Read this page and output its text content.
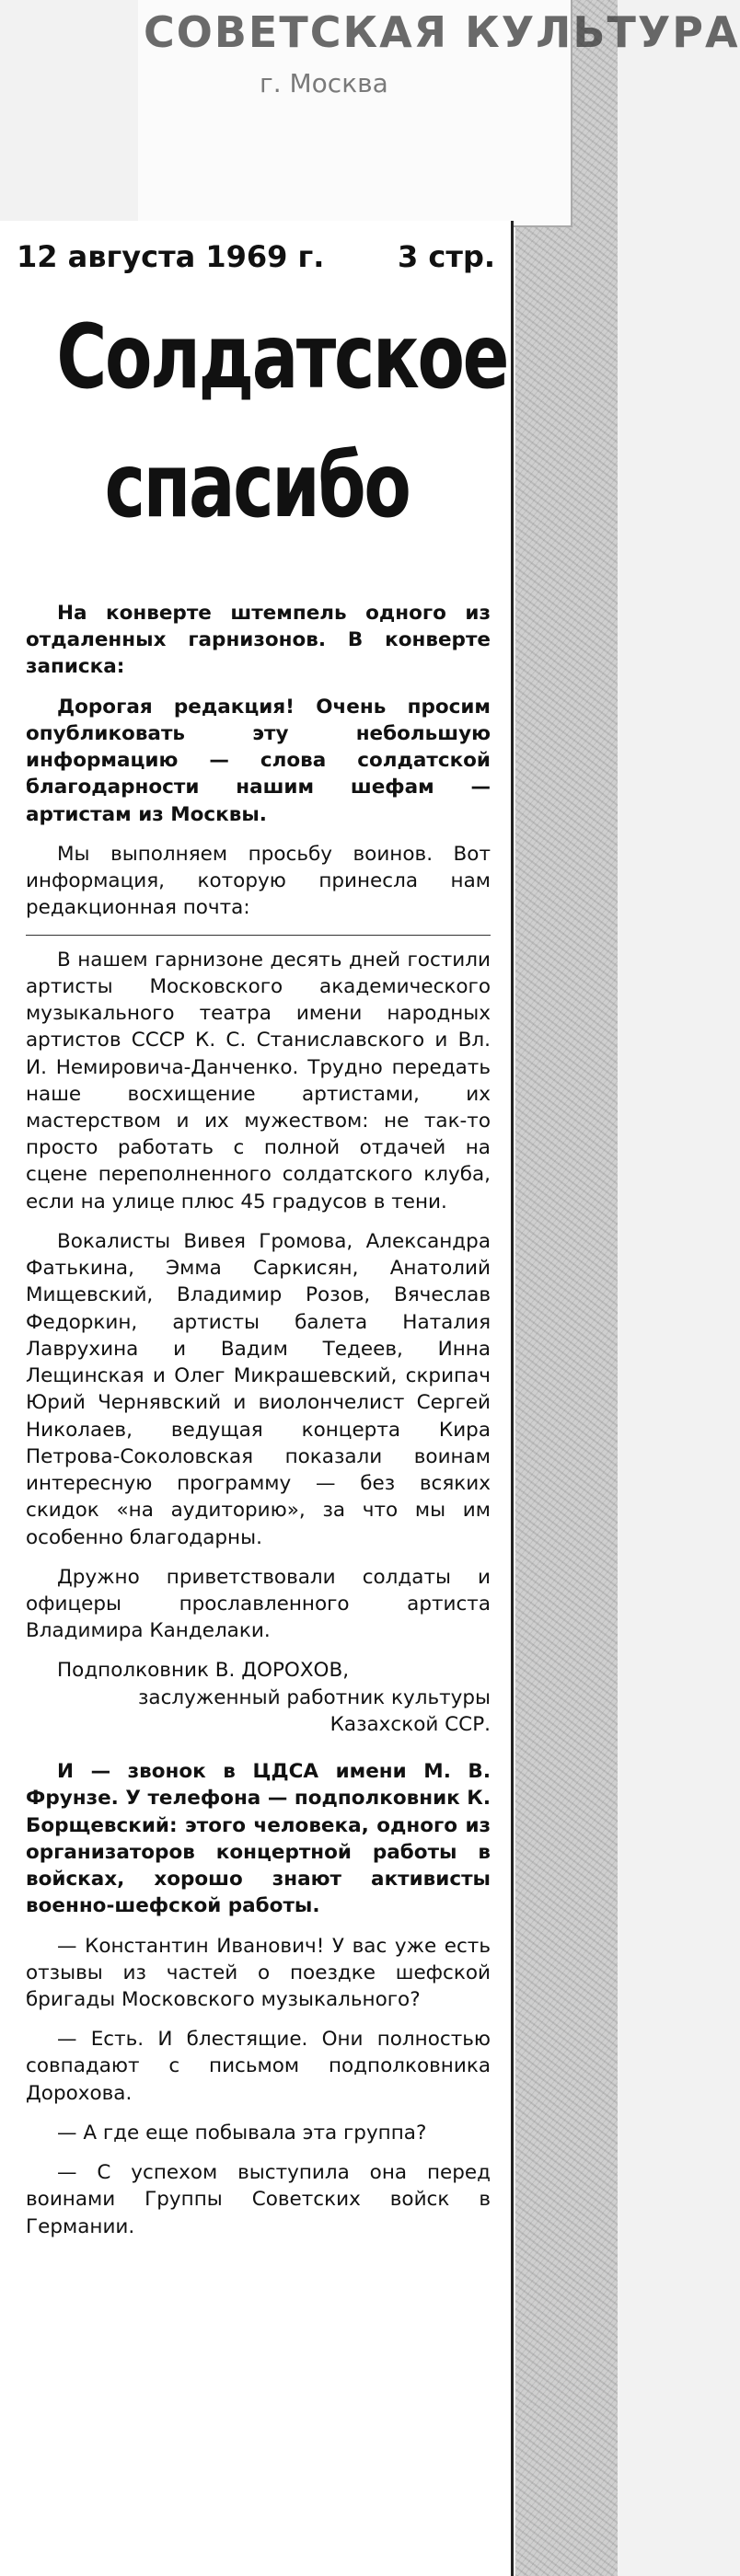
СОВЕТСКАЯ КУЛЬТУРА
г. Москва
12 августа 1969 г. 3 стр.
Солдатское
спасибо

На конверте штемпель одного из отдаленных гарнизонов. В конверте записка:

Дорогая редакция! Очень просим опубликовать эту небольшую информацию — слова солдатской благодарности нашим шефам — артистам из Москвы.

Мы выполняем просьбу воинов. Вот информация, которую принесла нам редакционная почта:

В нашем гарнизоне десять дней гостили артисты Московского академического музыкального театра имени народных артистов СССР К. С. Станиславского и Вл. И. Немировича-Данченко. Трудно передать наше восхищение артистами, их мастерством и их мужеством: не так-то просто работать с полной отдачей на сцене переполненного солдатского клуба, если на улице плюс 45 градусов в тени.

Вокалисты Вивея Громова, Александра Фатькина, Эмма Саркисян, Анатолий Мищевский, Владимир Розов, Вячеслав Федоркин, артисты балета Наталия Лаврухина и Вадим Тедеев, Инна Лещинская и Олег Микрашевский, скрипач Юрий Чернявский и виолончелист Сергей Николаев, ведущая концерта Кира Петрова-Соколовская показали воинам интересную программу — без всяких скидок «на аудиторию», за что мы им особенно благодарны.

Дружно приветствовали солдаты и офицеры прославленного артиста Владимира Канделаки.

Подполковник В. ДОРОХОВ,
заслуженный работник культуры Казахской ССР.

И — звонок в ЦДСА имени М. В. Фрунзе. У телефона — подполковник К. Борщевский: этого человека, одного из организаторов концертной работы в войсках, хорошо знают активисты военно-шефской работы.

— Константин Иванович! У вас уже есть отзывы из частей о поездке шефской бригады Московского музыкального?

— Есть. И блестящие. Они полностью совпадают с письмом подполковника Дорохова.

— А где еще побывала эта группа?

— С успехом выступила она перед воинами Группы Советских войск в Германии.
